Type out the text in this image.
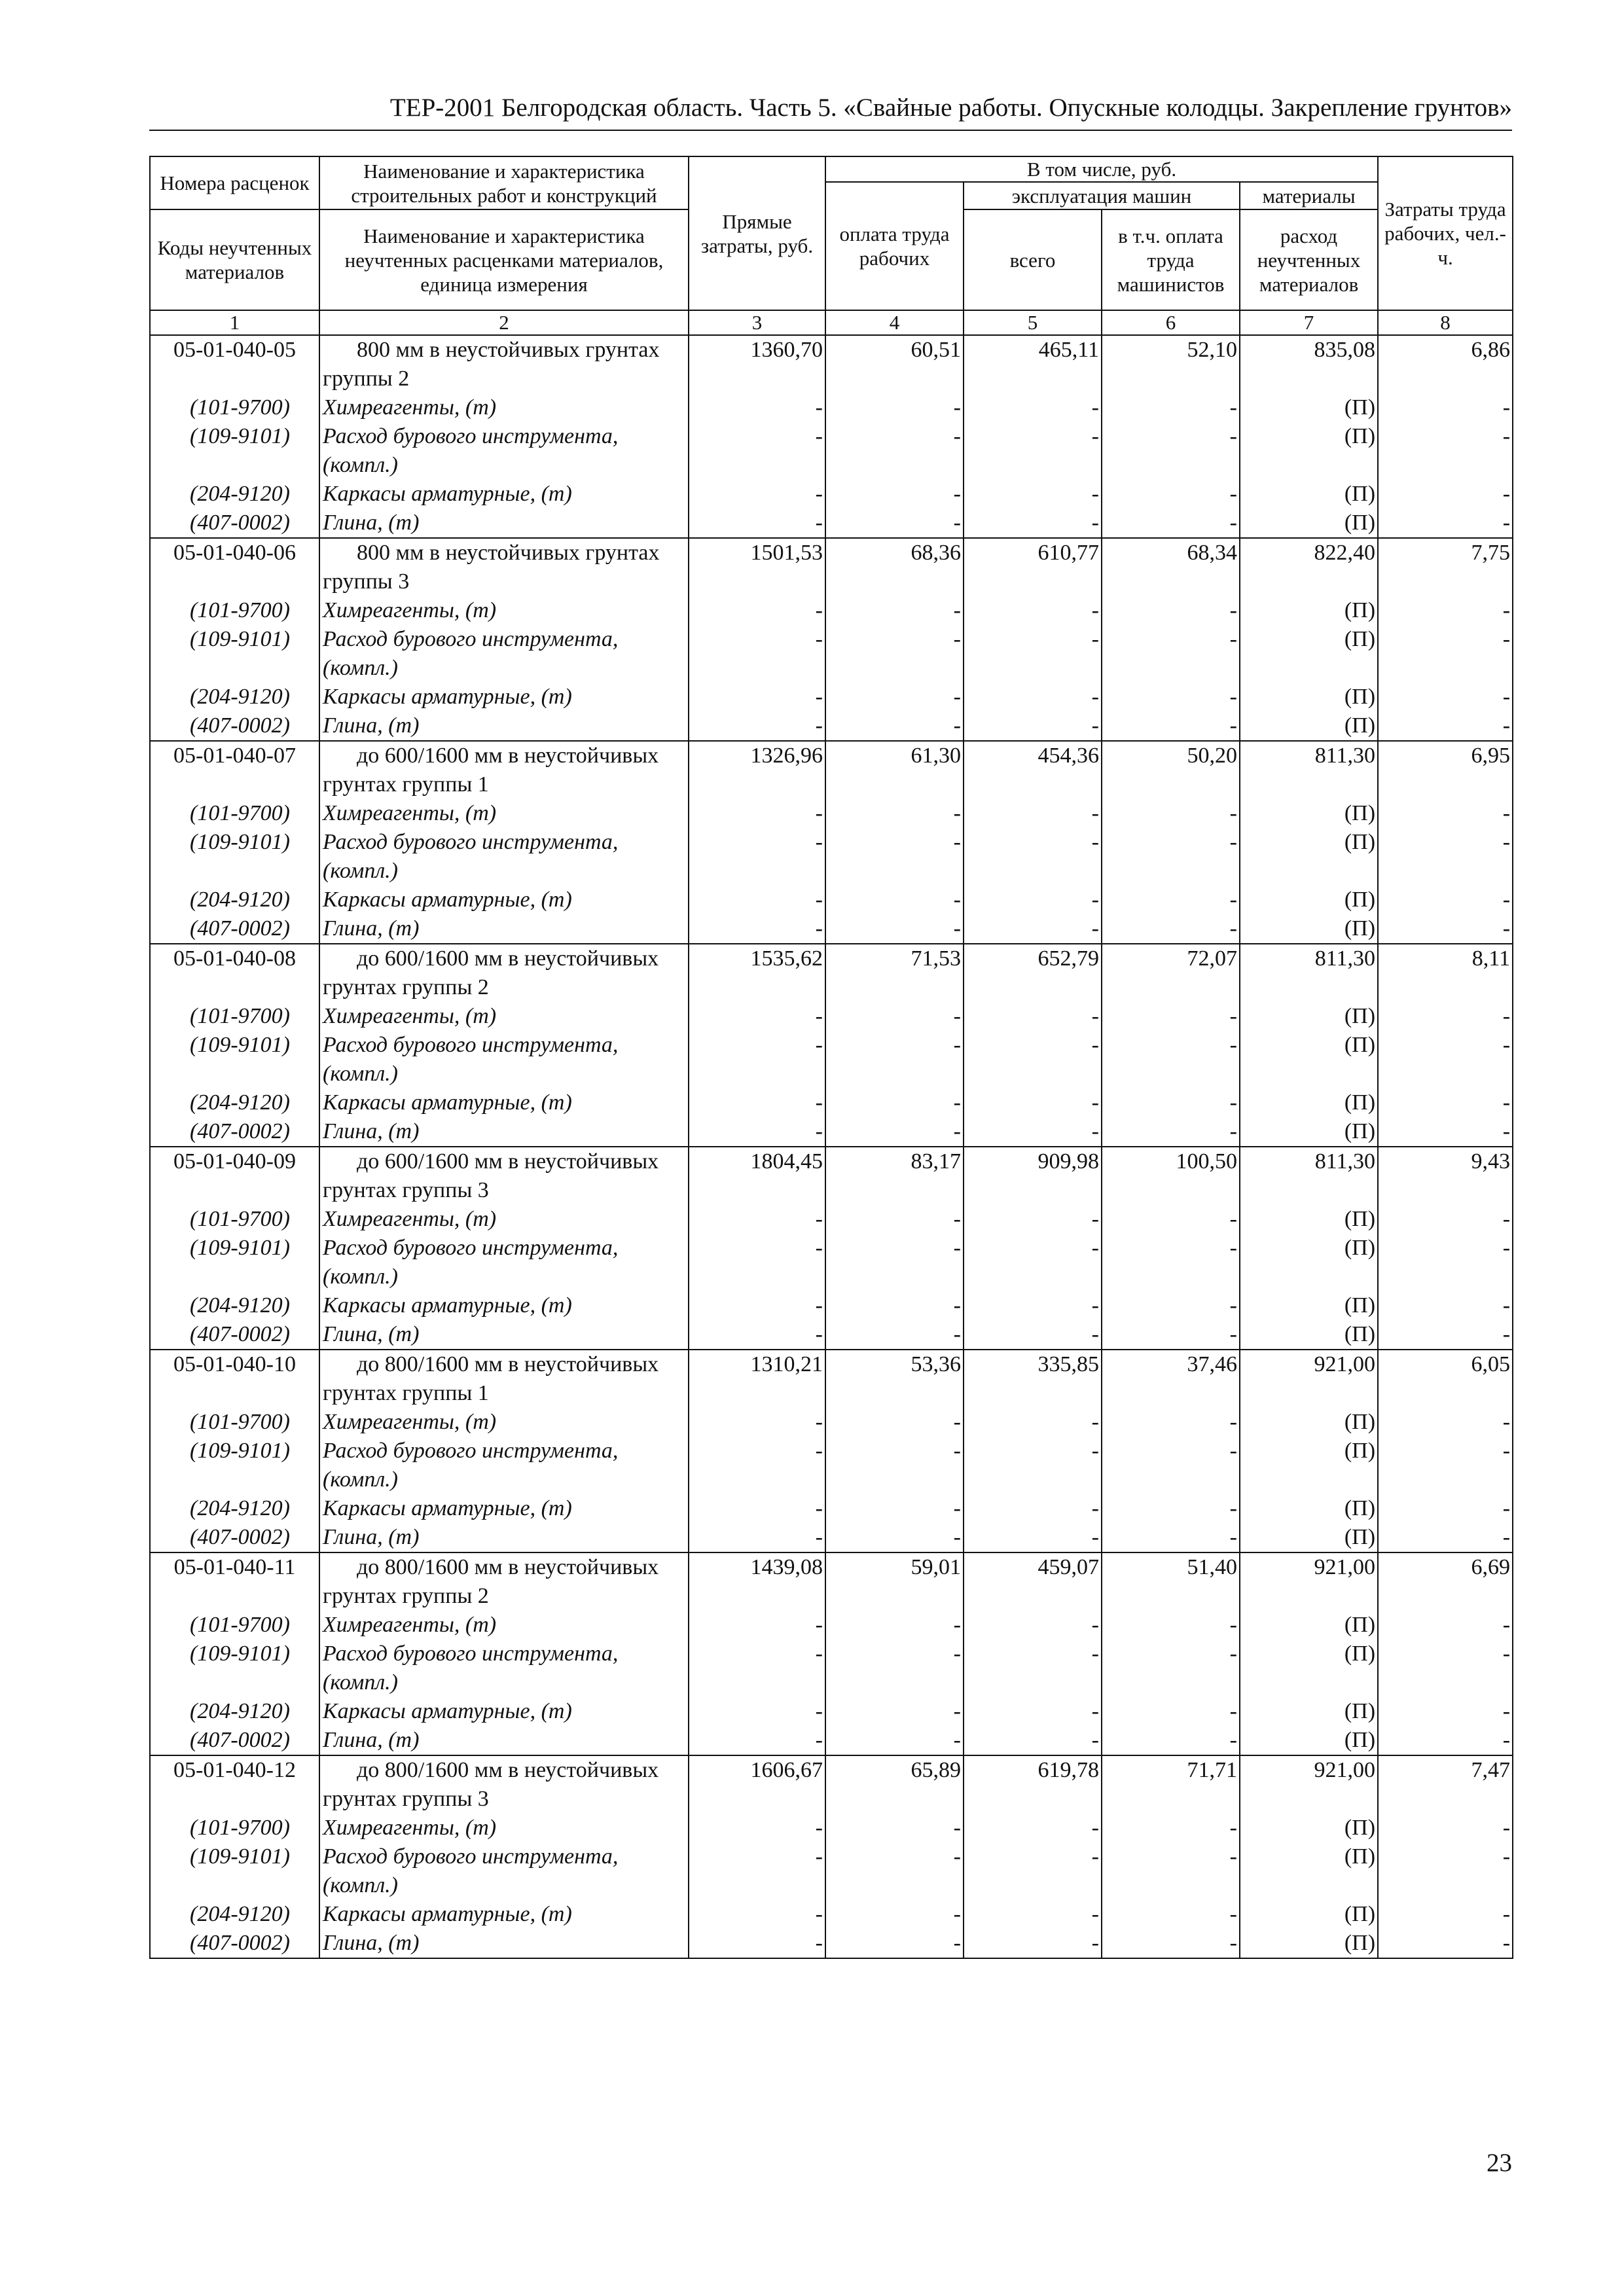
ТЕР-2001 Белгородская область. Часть 5. «Свайные работы. Опускные колодцы. Закрепление грунтов»
Номера расценок	Наименование и характеристика строительных работ и конструкций	Прямые затраты, руб.	В том числе, руб.				Затраты труда рабочих, чел.-ч.
			оплата труда рабочих	эксплуатация машин		материалы	
Коды неучтенных материалов	Наименование и характеристика неучтенных расценками материалов, единица измерения			всего	в т.ч. оплата труда машинистов	расход неучтенных материалов	

1	2	3	4	5	6	7	8
05-01-040-05	800 мм в неустойчивых грунтах группы 2	1360,70	60,51	465,11	52,10	835,08	6,86
(101-9700)	Химреагенты, (т)	-	-	-	-	(П)	-
(109-9101)	Расход бурового инструмента, (компл.)	-	-	-	-	(П)	-
(204-9120)	Каркасы арматурные, (т)	-	-	-	-	(П)	-
(407-0002)	Глина, (т)	-	-	-	-	(П)	-
05-01-040-06	800 мм в неустойчивых грунтах группы 3	1501,53	68,36	610,77	68,34	822,40	7,75
(101-9700)	Химреагенты, (т)	-	-	-	-	(П)	-
(109-9101)	Расход бурового инструмента, (компл.)	-	-	-	-	(П)	-
(204-9120)	Каркасы арматурные, (т)	-	-	-	-	(П)	-
(407-0002)	Глина, (т)	-	-	-	-	(П)	-
05-01-040-07	до 600/1600 мм в неустойчивых грунтах группы 1	1326,96	61,30	454,36	50,20	811,30	6,95
(101-9700)	Химреагенты, (т)	-	-	-	-	(П)	-
(109-9101)	Расход бурового инструмента, (компл.)	-	-	-	-	(П)	-
(204-9120)	Каркасы арматурные, (т)	-	-	-	-	(П)	-
(407-0002)	Глина, (т)	-	-	-	-	(П)	-
05-01-040-08	до 600/1600 мм в неустойчивых грунтах группы 2	1535,62	71,53	652,79	72,07	811,30	8,11
(101-9700)	Химреагенты, (т)	-	-	-	-	(П)	-
(109-9101)	Расход бурового инструмента, (компл.)	-	-	-	-	(П)	-
(204-9120)	Каркасы арматурные, (т)	-	-	-	-	(П)	-
(407-0002)	Глина, (т)	-	-	-	-	(П)	-
05-01-040-09	до 600/1600 мм в неустойчивых грунтах группы 3	1804,45	83,17	909,98	100,50	811,30	9,43
(101-9700)	Химреагенты, (т)	-	-	-	-	(П)	-
(109-9101)	Расход бурового инструмента, (компл.)	-	-	-	-	(П)	-
(204-9120)	Каркасы арматурные, (т)	-	-	-	-	(П)	-
(407-0002)	Глина, (т)	-	-	-	-	(П)	-
05-01-040-10	до 800/1600 мм в неустойчивых грунтах группы 1	1310,21	53,36	335,85	37,46	921,00	6,05
(101-9700)	Химреагенты, (т)	-	-	-	-	(П)	-
(109-9101)	Расход бурового инструмента, (компл.)	-	-	-	-	(П)	-
(204-9120)	Каркасы арматурные, (т)	-	-	-	-	(П)	-
(407-0002)	Глина, (т)	-	-	-	-	(П)	-
05-01-040-11	до 800/1600 мм в неустойчивых грунтах группы 2	1439,08	59,01	459,07	51,40	921,00	6,69
(101-9700)	Химреагенты, (т)	-	-	-	-	(П)	-
(109-9101)	Расход бурового инструмента, (компл.)	-	-	-	-	(П)	-
(204-9120)	Каркасы арматурные, (т)	-	-	-	-	(П)	-
(407-0002)	Глина, (т)	-	-	-	-	(П)	-
05-01-040-12	до 800/1600 мм в неустойчивых грунтах группы 3	1606,67	65,89	619,78	71,71	921,00	7,47
(101-9700)	Химреагенты, (т)	-	-	-	-	(П)	-
(109-9101)	Расход бурового инструмента, (компл.)	-	-	-	-	(П)	-
(204-9120)	Каркасы арматурные, (т)	-	-	-	-	(П)	-
(407-0002)	Глина, (т)	-	-	-	-	(П)	-
23
